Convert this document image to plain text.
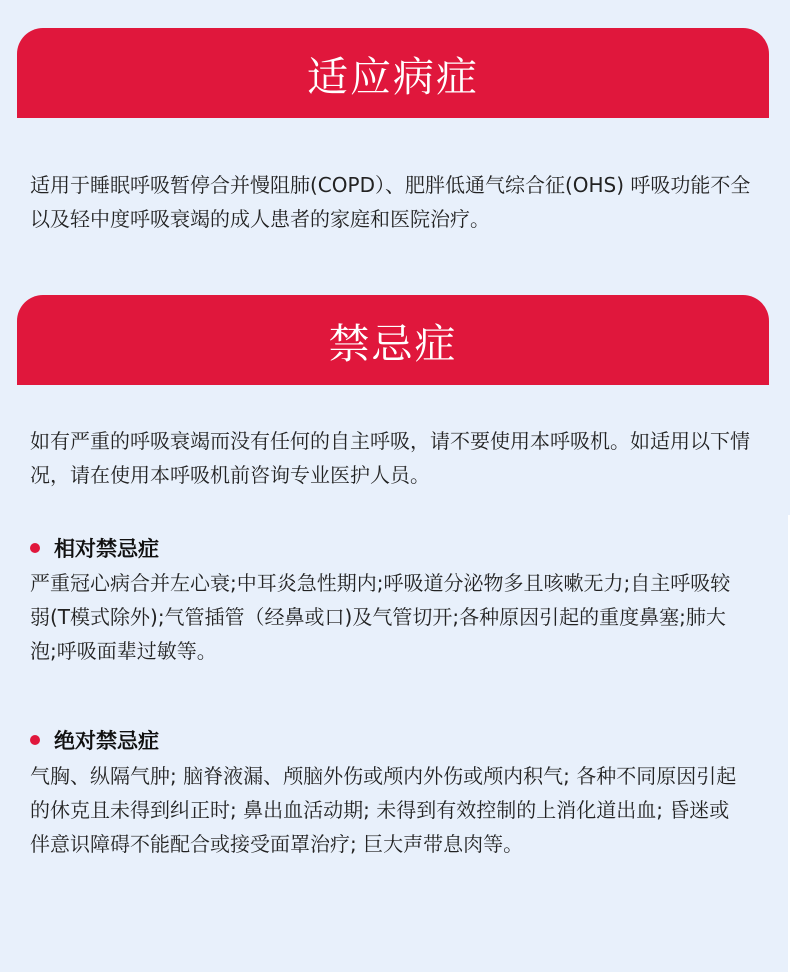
适应病症

适用于睡眠呼吸暂停合并慢阻肺(COPD）、肥胖低通气综合征(OHS) 呼吸功能不全以及轻中度呼吸衰竭的成人患者的家庭和医院治疗。

禁忌症

如有严重的呼吸衰竭而没有任何的自主呼吸，请不要使用本呼吸机。如适用以下情况，请在使用本呼吸机前咨询专业医护人员。

相对禁忌症

严重冠心病合并左心衰;中耳炎急性期内;呼吸道分泌物多且咳嗽无力;自主呼吸较弱(T模式除外);气管插管（经鼻或口)及气管切开;各种原因引起的重度鼻塞;肺大泡;呼吸面辈过敏等。

绝对禁忌症

气胸、纵隔气肿; 脑脊液漏、颅脑外伤或颅内外伤或颅内积气; 各种不同原因引起的休克且未得到纠正时; 鼻出血活动期; 未得到有效控制的上消化道出血; 昏迷或伴意识障碍不能配合或接受面罩治疗; 巨大声带息肉等。
